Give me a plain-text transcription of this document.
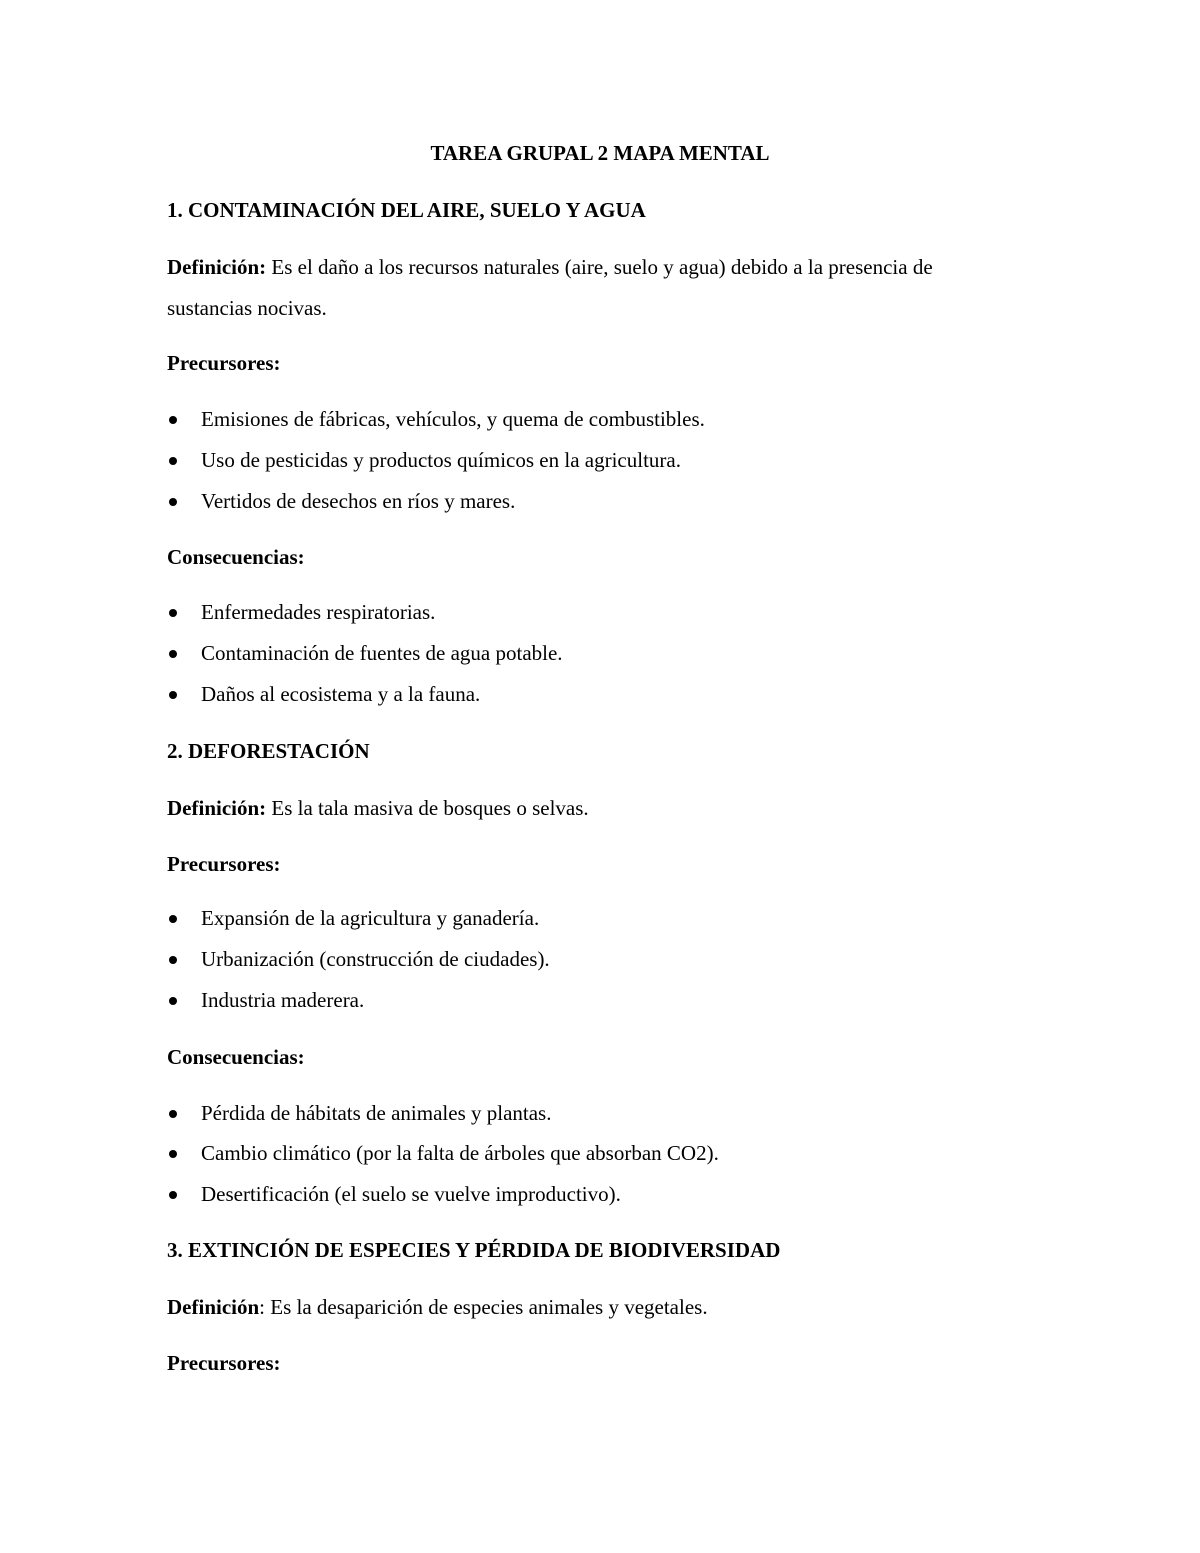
TAREA GRUPAL 2 MAPA MENTAL
1. CONTAMINACIÓN DEL AIRE, SUELO Y AGUA
Definición: Es el daño a los recursos naturales (aire, suelo y agua) debido a la presencia de
sustancias nocivas.
Precursores:
Emisiones de fábricas, vehículos, y quema de combustibles.
Uso de pesticidas y productos químicos en la agricultura.
Vertidos de desechos en ríos y mares.
Consecuencias:
Enfermedades respiratorias.
Contaminación de fuentes de agua potable.
Daños al ecosistema y a la fauna.
2. DEFORESTACIÓN
Definición: Es la tala masiva de bosques o selvas.
Precursores:
Expansión de la agricultura y ganadería.
Urbanización (construcción de ciudades).
Industria maderera.
Consecuencias:
Pérdida de hábitats de animales y plantas.
Cambio climático (por la falta de árboles que absorban CO2).
Desertificación (el suelo se vuelve improductivo).
3. EXTINCIÓN DE ESPECIES Y PÉRDIDA DE BIODIVERSIDAD
Definición: Es la desaparición de especies animales y vegetales.
Precursores:
